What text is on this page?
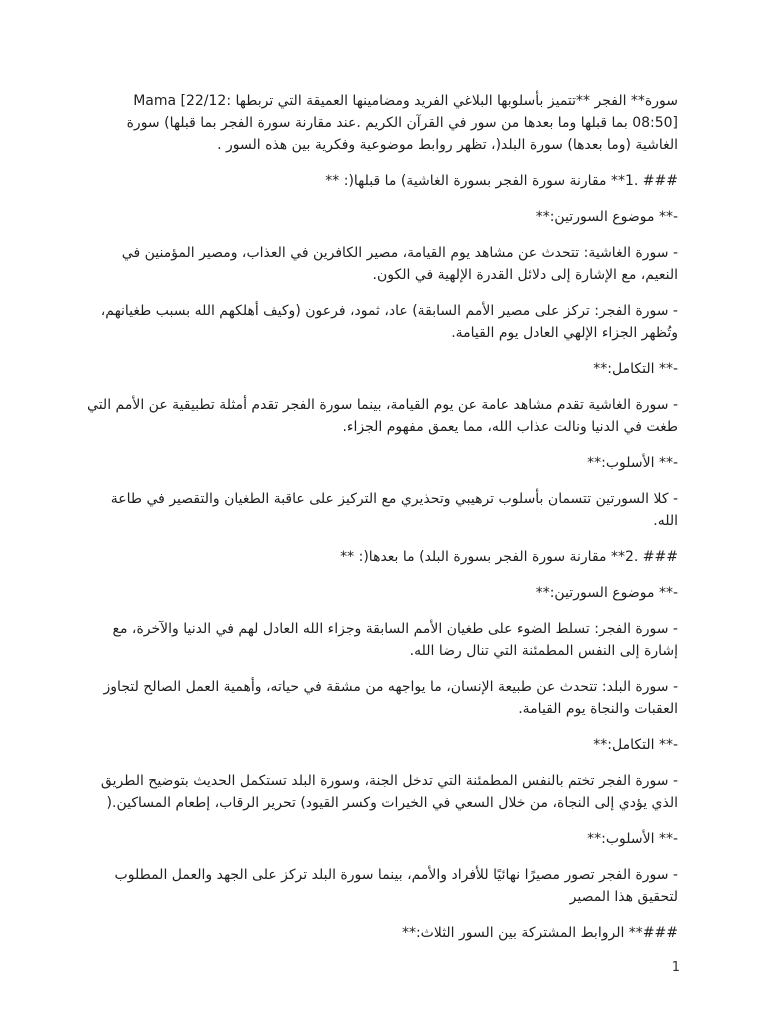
سورة** الفجر **تتميز بأسلوبها البلاغي الفريد ومضامينها العميقة التي تربطها :Mama [22/12 08:50] بما قبلها وما بعدها من سور في القرآن الكريم .عند مقارنة سورة الفجر بما قبلها) سورة الغاشية (وما بعدها) سورة البلد(، تظهر روابط موضوعية وفكرية بين هذه السور .

### .1** مقارنة سورة الفجر بسورة الغاشية) ما قبلها(: **

-** موضوع السورتين:**

- سورة الغاشية: تتحدث عن مشاهد يوم القيامة، مصير الكافرين في العذاب، ومصير المؤمنين في النعيم، مع الإشارة إلى دلائل القدرة الإلهية في الكون.

- سورة الفجر: تركز على مصير الأمم السابقة) عاد، ثمود، فرعون (وكيف أهلكهم الله بسبب طغيانهم، وتُظهر الجزاء الإلهي العادل يوم القيامة.

-** التكامل:**

- سورة الغاشية تقدم مشاهد عامة عن يوم القيامة، بينما سورة الفجر تقدم أمثلة تطبيقية عن الأمم التي طغت في الدنيا ونالت عذاب الله، مما يعمق مفهوم الجزاء.

-** الأسلوب:**

- كلا السورتين تتسمان بأسلوب ترهيبي وتحذيري مع التركيز على عاقبة الطغيان والتقصير في طاعة الله.

### .2** مقارنة سورة الفجر بسورة البلد) ما بعدها(: **

-** موضوع السورتين:**

- سورة الفجر: تسلط الضوء على طغيان الأمم السابقة وجزاء الله العادل لهم في الدنيا والآخرة، مع إشارة إلى النفس المطمئنة التي تنال رضا الله.

- سورة البلد: تتحدث عن طبيعة الإنسان، ما يواجهه من مشقة في حياته، وأهمية العمل الصالح لتجاوز العقبات والنجاة يوم القيامة.

-** التكامل:**

- سورة الفجر تختم بالنفس المطمئنة التي تدخل الجنة، وسورة البلد تستكمل الحديث بتوضيح الطريق الذي يؤدي إلى النجاة، من خلال السعي في الخيرات وكسر القيود) تحرير الرقاب، إطعام المساكين.(

-** الأسلوب:**

- سورة الفجر تصور مصيرًا نهائيًا للأفراد والأمم، بينما سورة البلد تركز على الجهد والعمل المطلوب لتحقيق هذا المصير

###** الروابط المشتركة بين السور الثلاث:**

1
